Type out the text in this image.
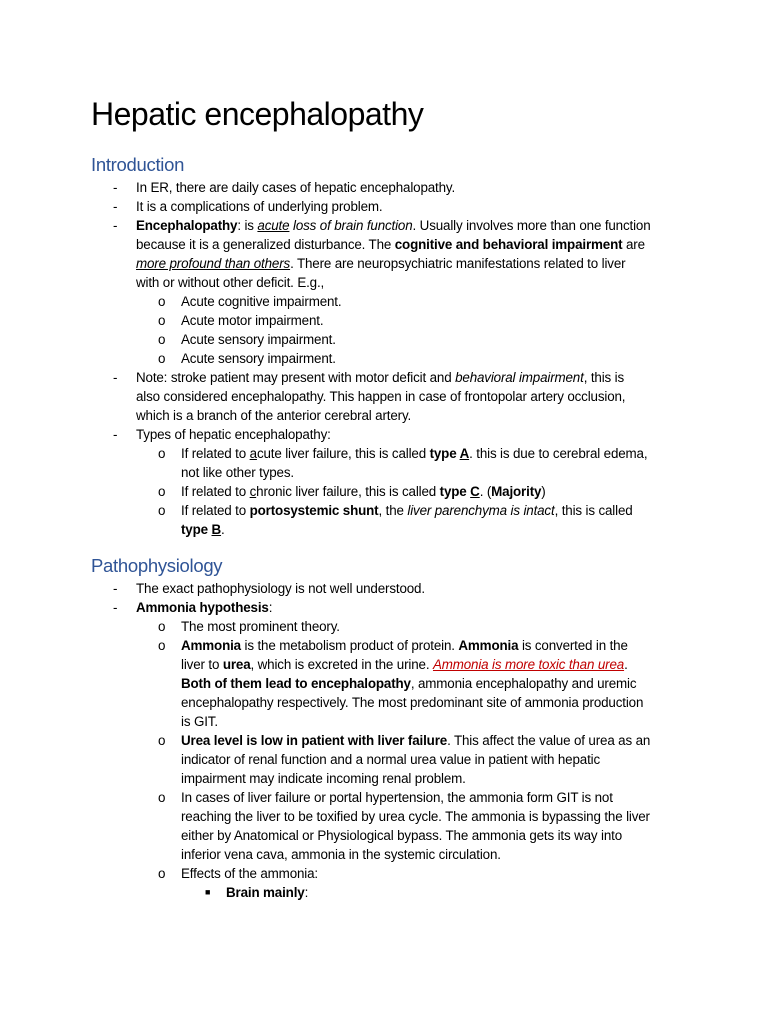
Hepatic encephalopathy
Introduction
- In ER, there are daily cases of hepatic encephalopathy.
- It is a complications of underlying problem.
- Encephalopathy: is acute loss of brain function. Usually involves more than one function
because it is a generalized disturbance. The cognitive and behavioral impairment are
more profound than others. There are neuropsychiatric manifestations related to liver
with or without other deficit. E.g.,
o Acute cognitive impairment.
o Acute motor impairment.
o Acute sensory impairment.
o Acute sensory impairment.
- Note: stroke patient may present with motor deficit and behavioral impairment, this is
also considered encephalopathy. This happen in case of frontopolar artery occlusion,
which is a branch of the anterior cerebral artery.
- Types of hepatic encephalopathy:
o If related to acute liver failure, this is called type A. this is due to cerebral edema,
not like other types.
o If related to chronic liver failure, this is called type C. (Majority)
o If related to portosystemic shunt, the liver parenchyma is intact, this is called
type B.
Pathophysiology
- The exact pathophysiology is not well understood.
- Ammonia hypothesis:
o The most prominent theory.
o Ammonia is the metabolism product of protein. Ammonia is converted in the
liver to urea, which is excreted in the urine. Ammonia is more toxic than urea.
Both of them lead to encephalopathy, ammonia encephalopathy and uremic
encephalopathy respectively. The most predominant site of ammonia production
is GIT.
o Urea level is low in patient with liver failure. This affect the value of urea as an
indicator of renal function and a normal urea value in patient with hepatic
impairment may indicate incoming renal problem.
o In cases of liver failure or portal hypertension, the ammonia form GIT is not
reaching the liver to be toxified by urea cycle. The ammonia is bypassing the liver
either by Anatomical or Physiological bypass. The ammonia gets its way into
inferior vena cava, ammonia in the systemic circulation.
o Effects of the ammonia:
■ Brain mainly:
